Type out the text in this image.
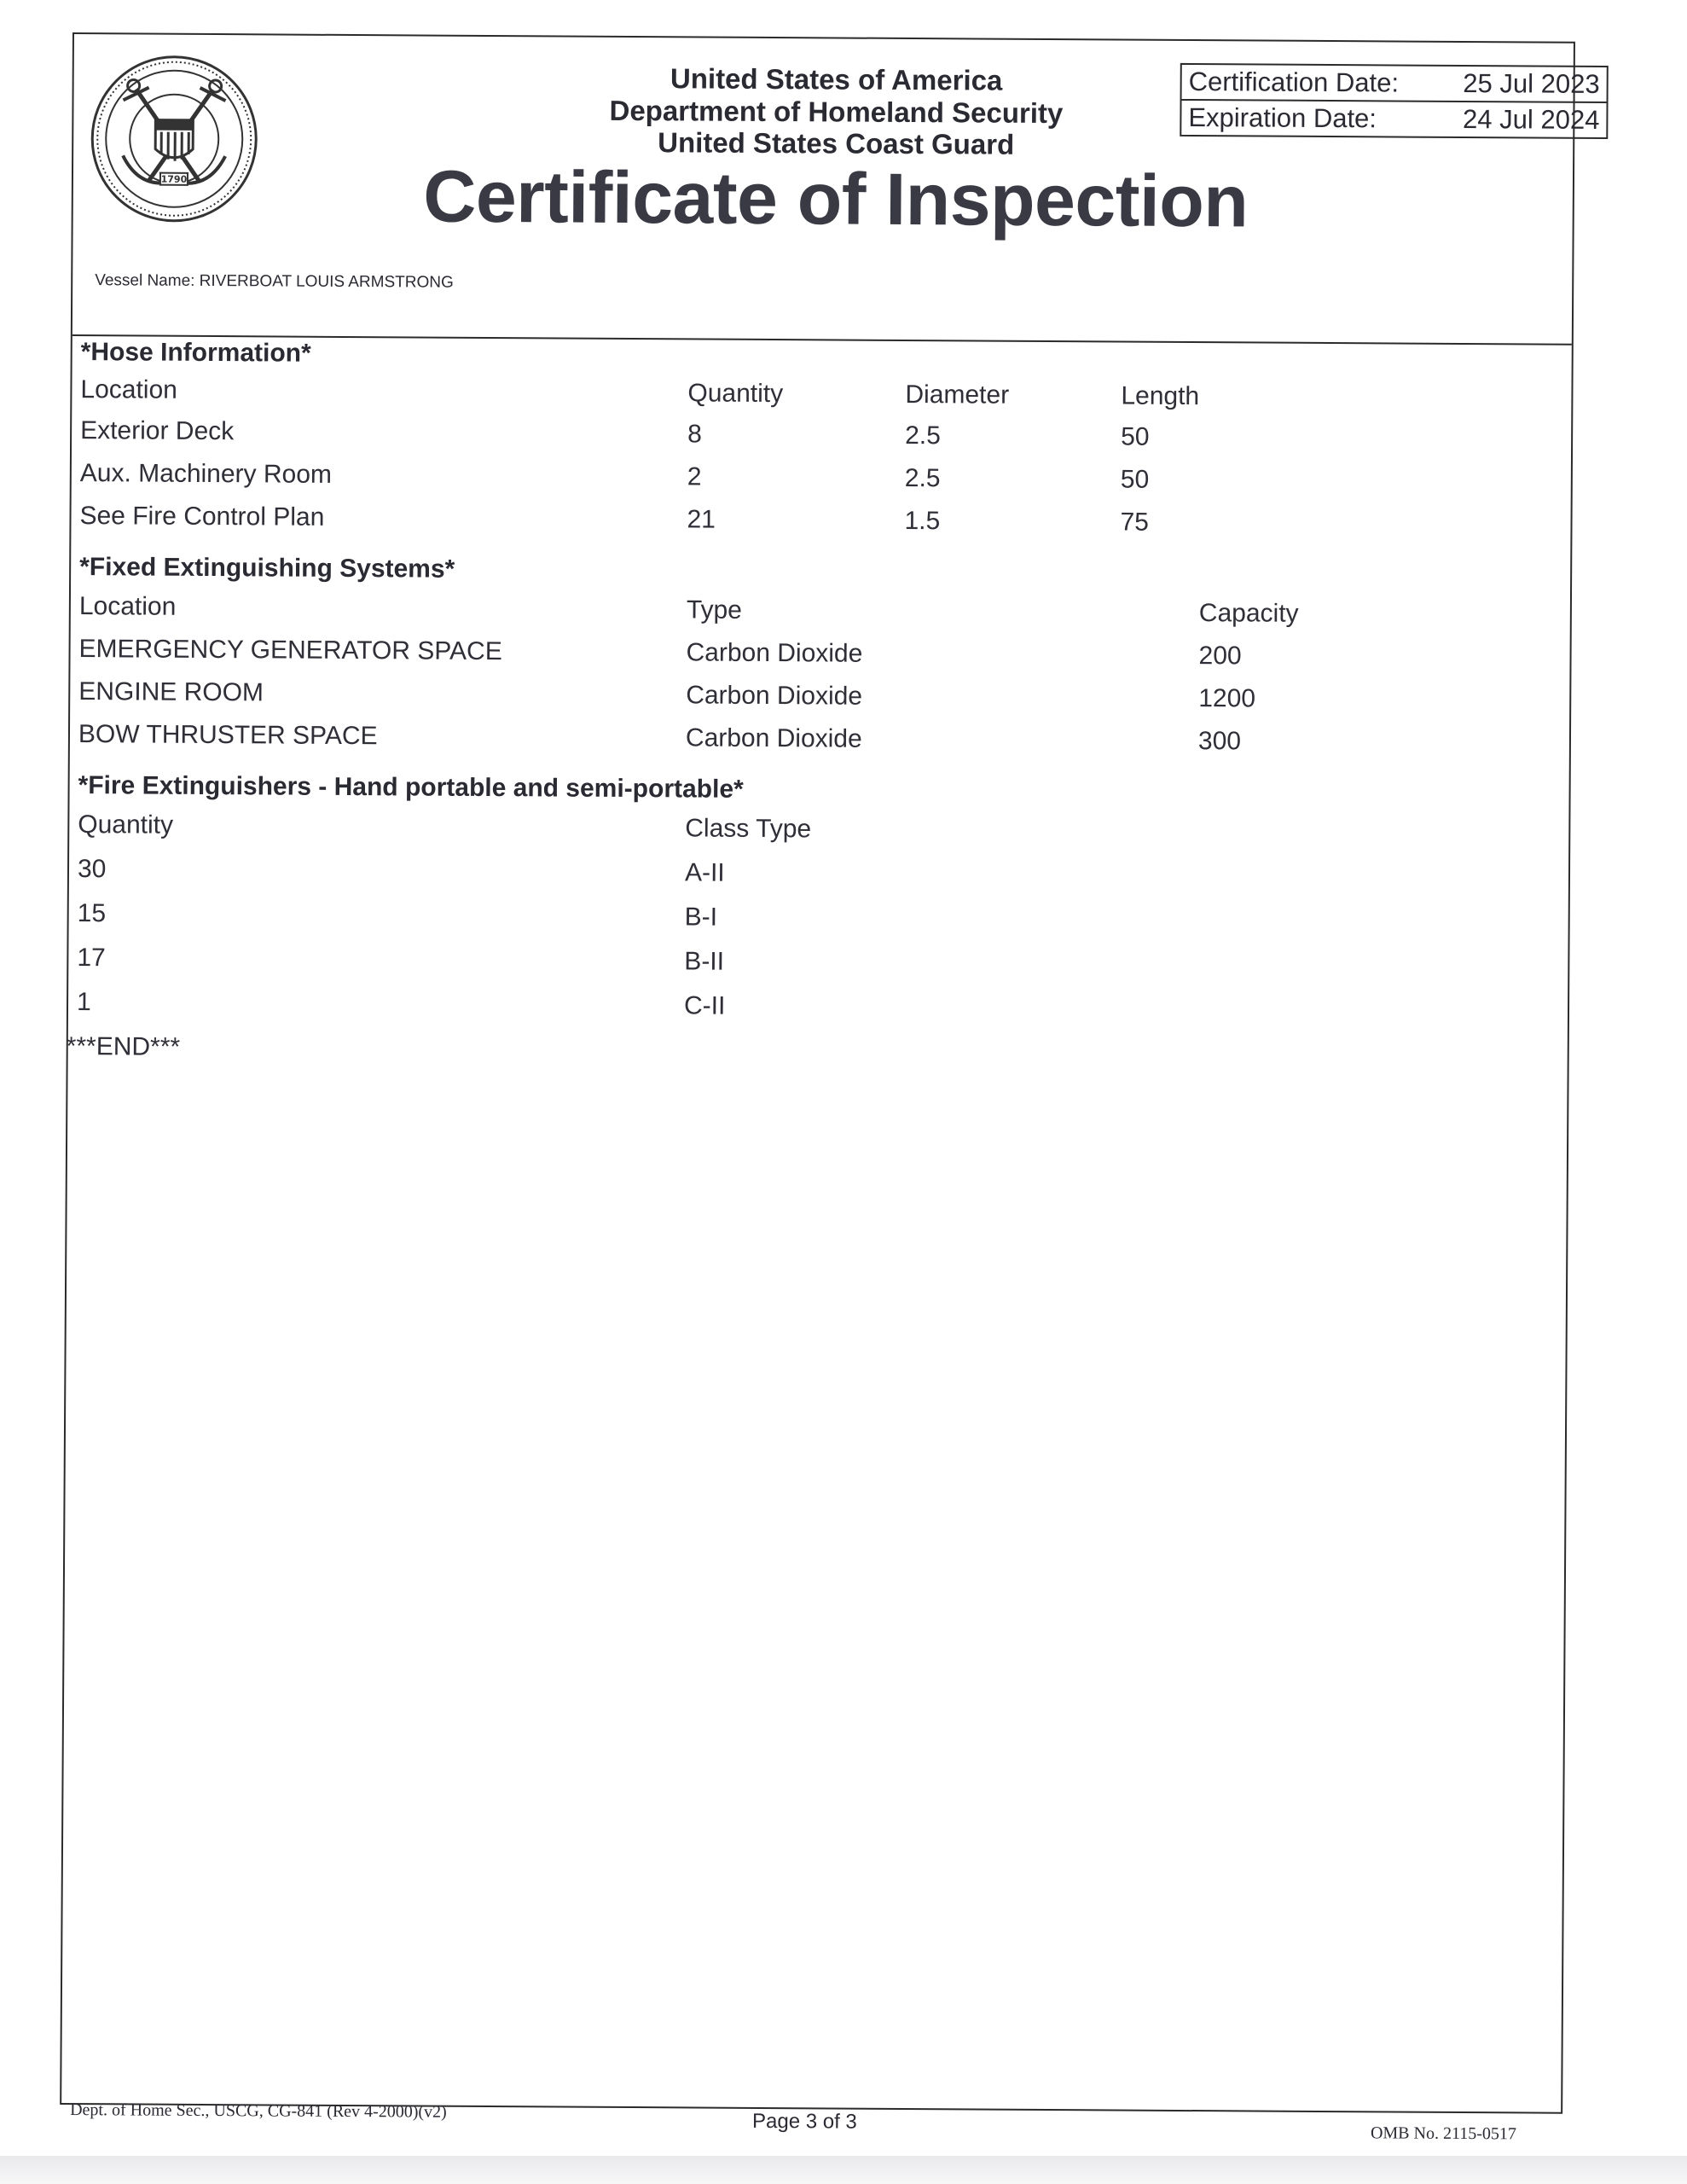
1790
United States of America
Department of Homeland Security
United States Coast Guard
Certificate of Inspection
Certification Date: 25 Jul 2023
Expiration Date:	24 Jul 2024
Vessel Name: RIVERBOAT LOUIS ARMSTRONG
*Hose Information*
Location	Quantity	Diameter	Length
Exterior Deck	8	2.5	50
Aux. Machinery Room	2	2.5	50
See Fire Control Plan	21	1.5	75
*Fixed Extinguishing Systems*
Location	Type	Capacity
EMERGENCY GENERATOR SPACE	Carbon Dioxide	200
ENGINE ROOM	Carbon Dioxide	1200
BOW THRUSTER SPACE	Carbon Dioxide	300
*Fire Extinguishers - Hand portable and semi-portable*
Quantity	Class Type
30	A-II
15	B-I
17	B-II
1	C-II
***END***
Dept. of Home Sec., USCG, CG-841 (Rev 4-2000)(v2)	Page 3 of 3
OMB No. 2115-0517
